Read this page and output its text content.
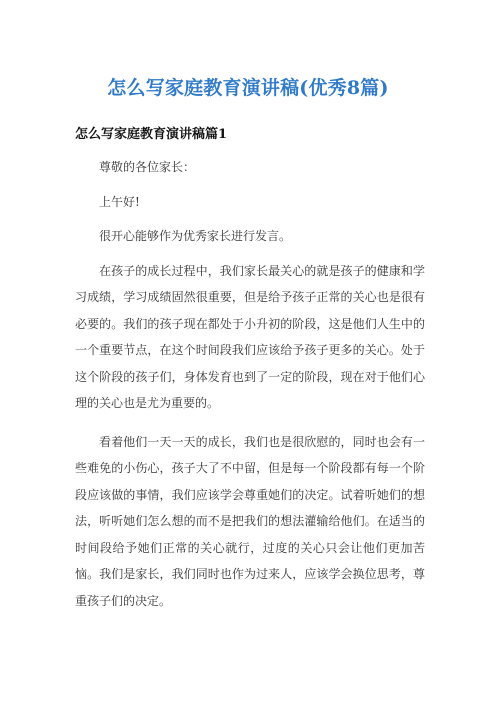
怎么写家庭教育演讲稿(优秀8篇)
怎么写家庭教育演讲稿篇1

尊敬的各位家长：

上午好!

很开心能够作为优秀家长进行发言。

在孩子的成长过程中，我们家长最关心的就是孩子的健康和学习成绩，学习成绩固然很重要，但是给予孩子正常的关心也是很有必要的。我们的孩子现在都处于小升初的阶段，这是他们人生中的一个重要节点，在这个时间段我们应该给予孩子更多的关心。处于这个阶段的孩子们，身体发育也到了一定的阶段，现在对于他们心理的关心也是尤为重要的。

看着他们一天一天的成长，我们也是很欣慰的，同时也会有一些难免的小伤心，孩子大了不中留，但是每一个阶段都有每一个阶段应该做的事情，我们应该学会尊重她们的决定。试着听她们的想法，听听她们怎么想的而不是把我们的想法灌输给他们。在适当的时间段给予她们正常的关心就行，过度的关心只会让他们更加苦恼。我们是家长，我们同时也作为过来人，应该学会换位思考，尊重孩子们的决定。
